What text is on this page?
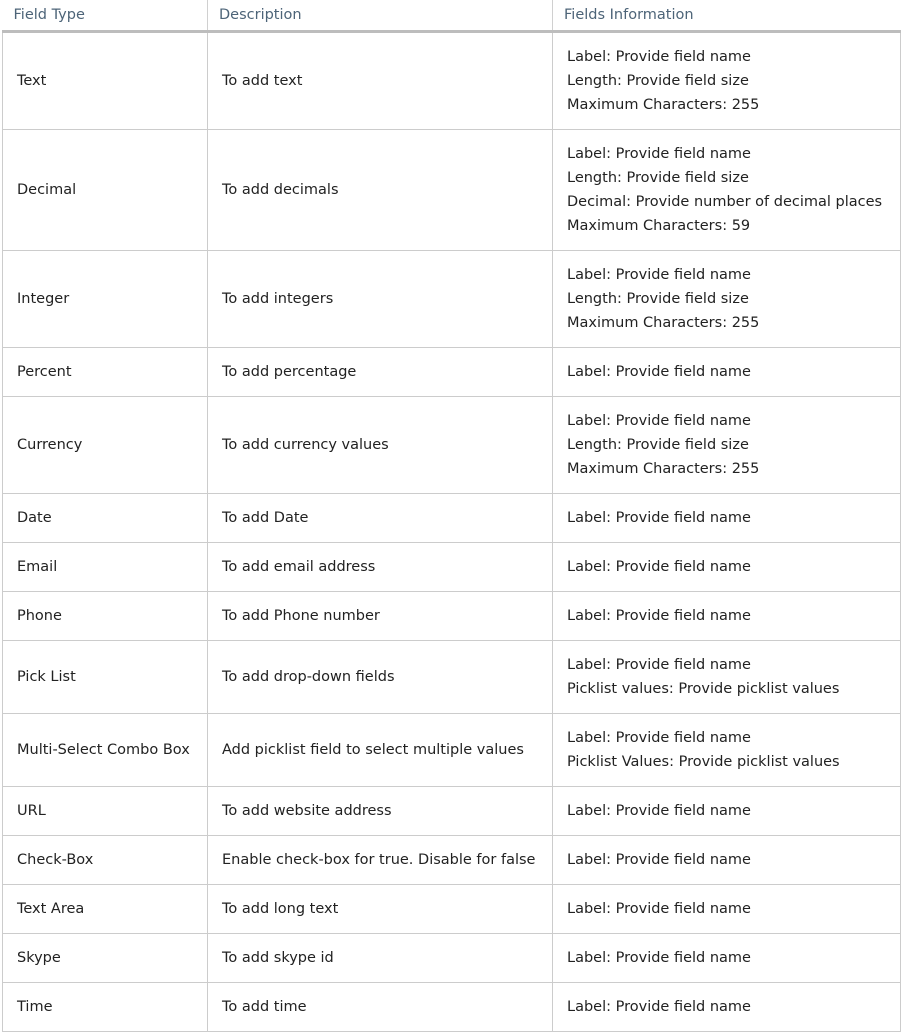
Field Type	Description	Fields Information
Text	To add text	Label: Provide field name
Length: Provide field size
Maximum Characters: 255

Decimal	To add decimals	Label: Provide field name
Length: Provide field size
Decimal: Provide number of decimal places
Maximum Characters: 59

Integer	To add integers	Label: Provide field name
Length: Provide field size
Maximum Characters: 255

Percent	To add percentage	Label: Provide field name

Currency	To add currency values	Label: Provide field name
Length: Provide field size
Maximum Characters: 255

Date	To add Date	Label: Provide field name

Email	To add email address	Label: Provide field name

Phone	To add Phone number	Label: Provide field name

Pick List	To add drop-down fields	Label: Provide field name
Picklist values: Provide picklist values

Multi-Select Combo Box	Add picklist field to select multiple values	Label: Provide field name
Picklist Values: Provide picklist values

URL	To add website address	Label: Provide field name

Check-Box	Enable check-box for true. Disable for false	Label: Provide field name

Text Area	To add long text	Label: Provide field name

Skype	To add skype id	Label: Provide field name

Time	To add time	Label: Provide field name
